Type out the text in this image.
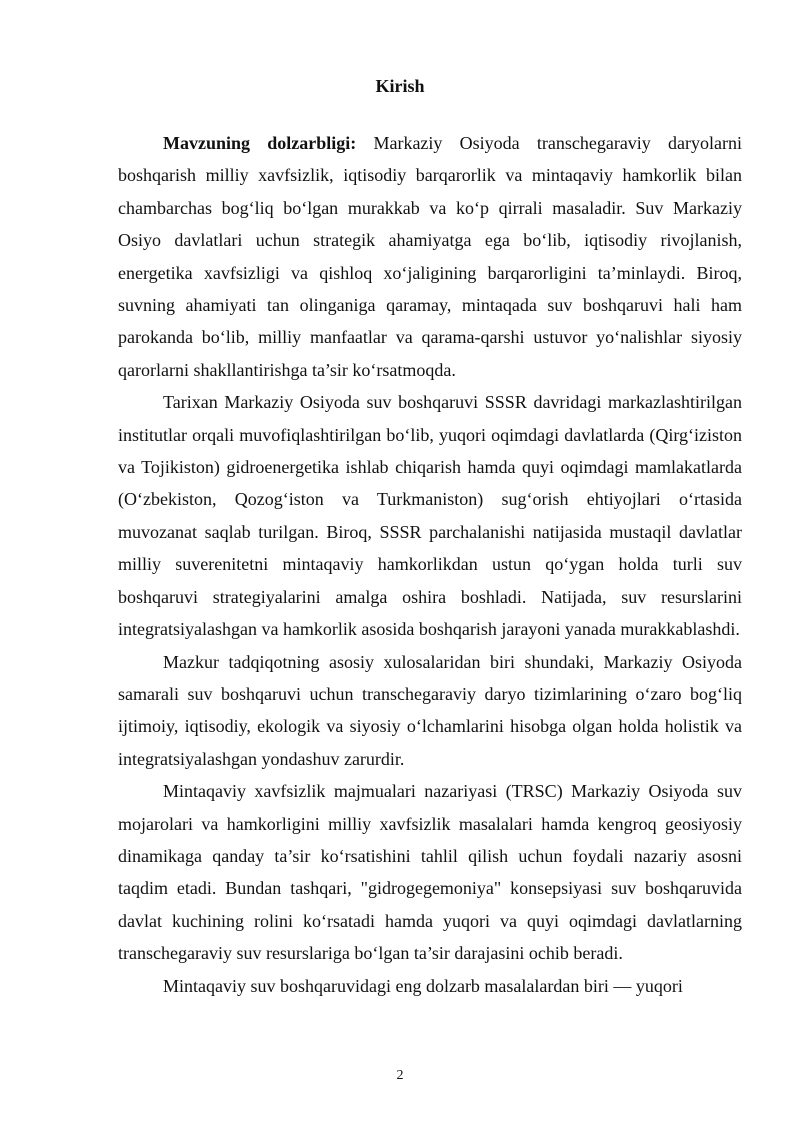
Kirish

Mavzuning dolzarbligi: Markaziy Osiyoda transchegaraviy daryolarni boshqarish milliy xavfsizlik, iqtisodiy barqarorlik va mintaqaviy hamkorlik bilan chambarchas bog‘liq bo‘lgan murakkab va ko‘p qirrali masaladir. Suv Markaziy Osiyo davlatlari uchun strategik ahamiyatga ega bo‘lib, iqtisodiy rivojlanish, energetika xavfsizligi va qishloq xo‘jaligining barqarorligini ta’minlaydi. Biroq, suvning ahamiyati tan olinganiga qaramay, mintaqada suv boshqaruvi hali ham parokanda bo‘lib, milliy manfaatlar va qarama-qarshi ustuvor yo‘nalishlar siyosiy qarorlarni shakllantirishga ta’sir ko‘rsatmoqda.

Tarixan Markaziy Osiyoda suv boshqaruvi SSSR davridagi markazlashtirilgan institutlar orqali muvofiqlashtirilgan bo‘lib, yuqori oqimdagi davlatlarda (Qirg‘iziston va Tojikiston) gidroenergetika ishlab chiqarish hamda quyi oqimdagi mamlakatlarda (O‘zbekiston, Qozog‘iston va Turkmaniston) sug‘orish ehtiyojlari o‘rtasida muvozanat saqlab turilgan. Biroq, SSSR parchalanishi natijasida mustaqil davlatlar milliy suverenitetni mintaqaviy hamkorlikdan ustun qo‘ygan holda turli suv boshqaruvi strategiyalarini amalga oshira boshladi. Natijada, suv resurslarini integratsiyalashgan va hamkorlik asosida boshqarish jarayoni yanada murakkablashdi.

Mazkur tadqiqotning asosiy xulosalaridan biri shundaki, Markaziy Osiyoda samarali suv boshqaruvi uchun transchegaraviy daryo tizimlarining o‘zaro bog‘liq ijtimoiy, iqtisodiy, ekologik va siyosiy o‘lchamlarini hisobga olgan holda holistik va integratsiyalashgan yondashuv zarurdir.

Mintaqaviy xavfsizlik majmualari nazariyasi (TRSC) Markaziy Osiyoda suv mojarolari va hamkorligini milliy xavfsizlik masalalari hamda kengroq geosiyosiy dinamikaga qanday ta’sir ko‘rsatishini tahlil qilish uchun foydali nazariy asosni taqdim etadi. Bundan tashqari, "gidrogegemoniya" konsepsiyasi suv boshqaruvida davlat kuchining rolini ko‘rsatadi hamda yuqori va quyi oqimdagi davlatlarning transchegaraviy suv resurslariga bo‘lgan ta’sir darajasini ochib beradi.

Mintaqaviy suv boshqaruvidagi eng dolzarb masalalardan biri — yuqori

2
